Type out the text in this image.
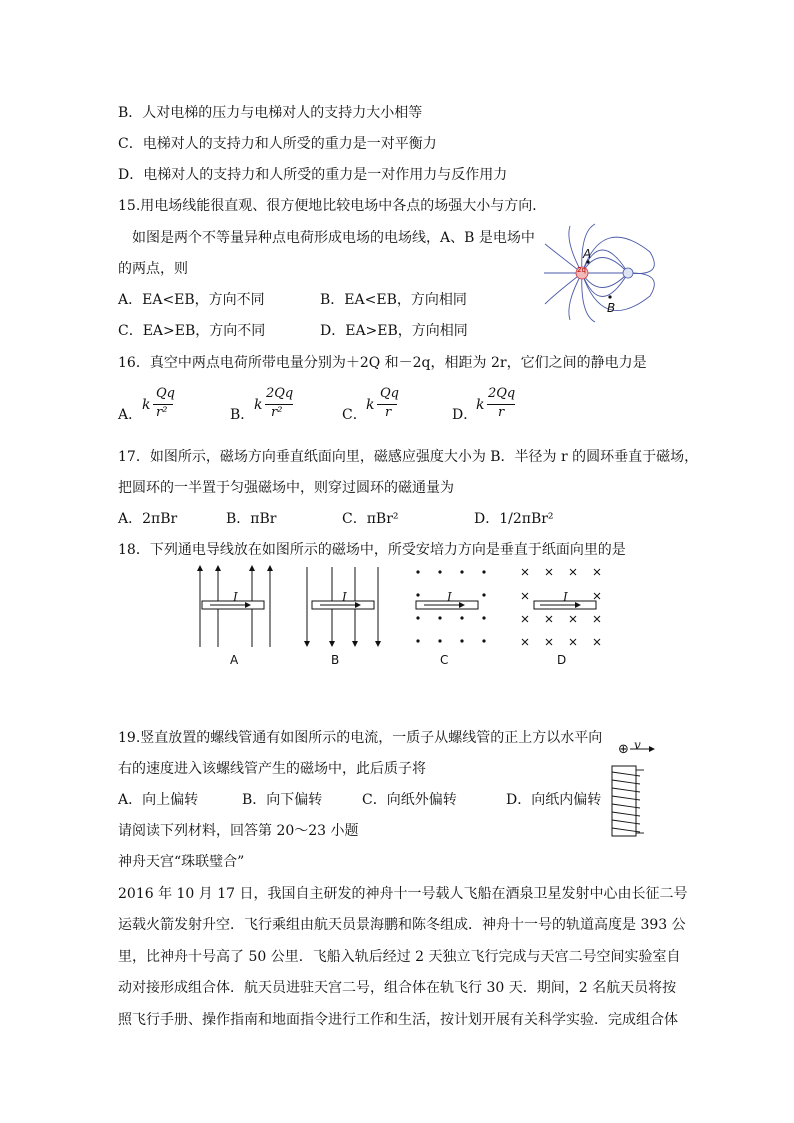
B．人对电梯的压力与电梯对人的支持力大小相等
C．电梯对人的支持力和人所受的重力是一对平衡力
D．电梯对人的支持力和人所受的重力是一对作用力与反作用力
15.用电场线能很直观、很方便地比较电场中各点的场强大小与方向．
如图是两个不等量异种点电荷形成电场的电场线，A、B 是电场中
的两点，则
A．EA<EB，方向不同	B．EA<EB，方向相同
C．EA>EB，方向不同	D．EA>EB，方向相同
2q
A
B
16．真空中两点电荷所带电量分别为＋2Q 和－2q，相距为 2r，它们之间的静电力是
A．
k
Qq
r²	B．
k
2Qq
r²	C．
k
Qq
r	D．
k
2Qq
r
17．如图所示，磁场方向垂直纸面向里，磁感应强度大小为 B．半径为 r 的圆环垂直于磁场，
把圆环的一半置于匀强磁场中，则穿过圆环的磁通量为
A．2πBr	B．πBr	C．πBr²	D．1/2πBr²
18．下列通电导线放在如图所示的磁场中，所受安培力方向是垂直于纸面向里的是
I	I	I	I
A	B	C	D
19.竖直放置的螺线管通有如图所示的电流，一质子从螺线管的正上方以水平向
右的速度进入该螺线管产生的磁场中，此后质子将
A．向上偏转	B．向下偏转	C．向纸外偏转	D．向纸内偏转
⊕ v
请阅读下列材料，回答第 20～23 小题
神舟天宫“珠联璧合”
2016 年 10 月 17 日，我国自主研发的神舟十一号载人飞船在酒泉卫星发射中心由长征二号
运载火箭发射升空．飞行乘组由航天员景海鹏和陈冬组成．神舟十一号的轨道高度是 393 公
里，比神舟十号高了 50 公里．飞船入轨后经过 2 天独立飞行完成与天宫二号空间实验室自
动对接形成组合体．航天员进驻天宫二号，组合体在轨飞行 30 天．期间，2 名航天员将按
照飞行手册、操作指南和地面指令进行工作和生活，按计划开展有关科学实验．完成组合体
